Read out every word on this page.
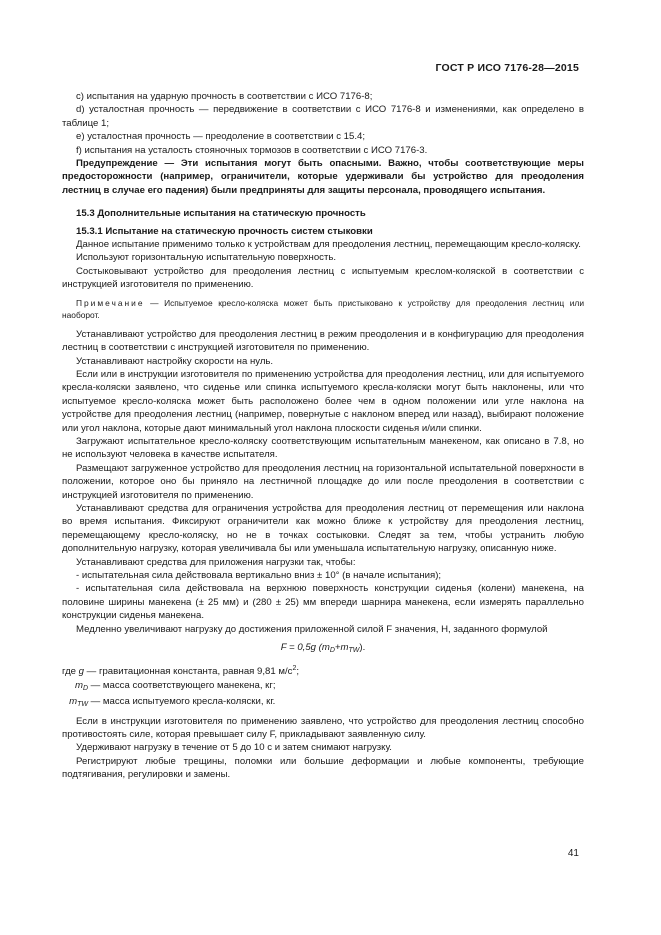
ГОСТ Р ИСО 7176-28—2015

c) испытания на ударную прочность в соответствии с ИСО 7176-8;

d) усталостная прочность — передвижение в соответствии с ИСО 7176-8 и изменениями, как определено в таблице 1;

e) усталостная прочность — преодоление в соответствии с 15.4;

f) испытания на усталость стояночных тормозов в соответствии с ИСО 7176-3.

Предупреждение — Эти испытания могут быть опасными. Важно, чтобы соответствующие меры предосторожности (например, ограничители, которые удерживали бы устройство для преодоления лестниц в случае его падения) были предприняты для защиты персонала, проводящего испытания.

15.3 Дополнительные испытания на статическую прочность

15.3.1 Испытание на статическую прочность систем стыковки

Данное испытание применимо только к устройствам для преодоления лестниц, перемещающим кресло-коляску.

Используют горизонтальную испытательную поверхность.

Состыковывают устройство для преодоления лестниц с испытуемым креслом-коляской в соответствии с инструкцией изготовителя по применению.

Примечание — Испытуемое кресло-коляска может быть пристыковано к устройству для преодоления лестниц или наоборот.

Устанавливают устройство для преодоления лестниц в режим преодоления и в конфигурацию для преодоления лестниц в соответствии с инструкцией изготовителя по применению.

Устанавливают настройку скорости на нуль.

Если или в инструкции изготовителя по применению устройства для преодоления лестниц, или для испытуемого кресла-коляски заявлено, что сиденье или спинка испытуемого кресла-коляски могут быть наклонены, или что испытуемое кресло-коляска может быть расположено более чем в одном положении или угле наклона на устройстве для преодоления лестниц (например, повернутые с наклоном вперед или назад), выбирают положение или угол наклона, которые дают минимальный угол наклона плоскости сиденья и/или спинки.

Загружают испытательное кресло-коляску соответствующим испытательным манекеном, как описано в 7.8, но не используют человека в качестве испытателя.

Размещают загруженное устройство для преодоления лестниц на горизонтальной испытательной поверхности в положении, которое оно бы приняло на лестничной площадке до или после преодоления в соответствии с инструкцией изготовителя по применению.

Устанавливают средства для ограничения устройства для преодоления лестниц от перемещения или наклона во время испытания. Фиксируют ограничители как можно ближе к устройству для преодоления лестниц, перемещающему кресло-коляску, но не в точках состыковки. Следят за тем, чтобы устранить любую дополнительную нагрузку, которая увеличивала бы или уменьшала испытательную нагрузку, описанную ниже.

Устанавливают средства для приложения нагрузки так, чтобы:

- испытательная сила действовала вертикально вниз ± 10° (в начале испытания);

- испытательная сила действовала на верхнюю поверхность конструкции сиденья (колени) манекена, на половине ширины манекена (± 25 мм) и (280 ± 25) мм впереди шарнира манекена, если измерять параллельно конструкции сиденья манекена.

Медленно увеличивают нагрузку до достижения приложенной силой F значения, Н, заданного формулой

F = 0,5g $(m_D+m_{TW})$.

где g — гравитационная константа, равная 9,81 $м/с^2$;

$m_D$ — масса соответствующего манекена, кг;

$m_{TW}$ — масса испытуемого кресла-коляски, кг.

Если в инструкции изготовителя по применению заявлено, что устройство для преодоления лестниц способно противостоять силе, которая превышает силу F, прикладывают заявленную силу.

Удерживают нагрузку в течение от 5 до 10 с и затем снимают нагрузку.

Регистрируют любые трещины, поломки или большие деформации и любые компоненты, требующие подтягивания, регулировки и замены.

41
